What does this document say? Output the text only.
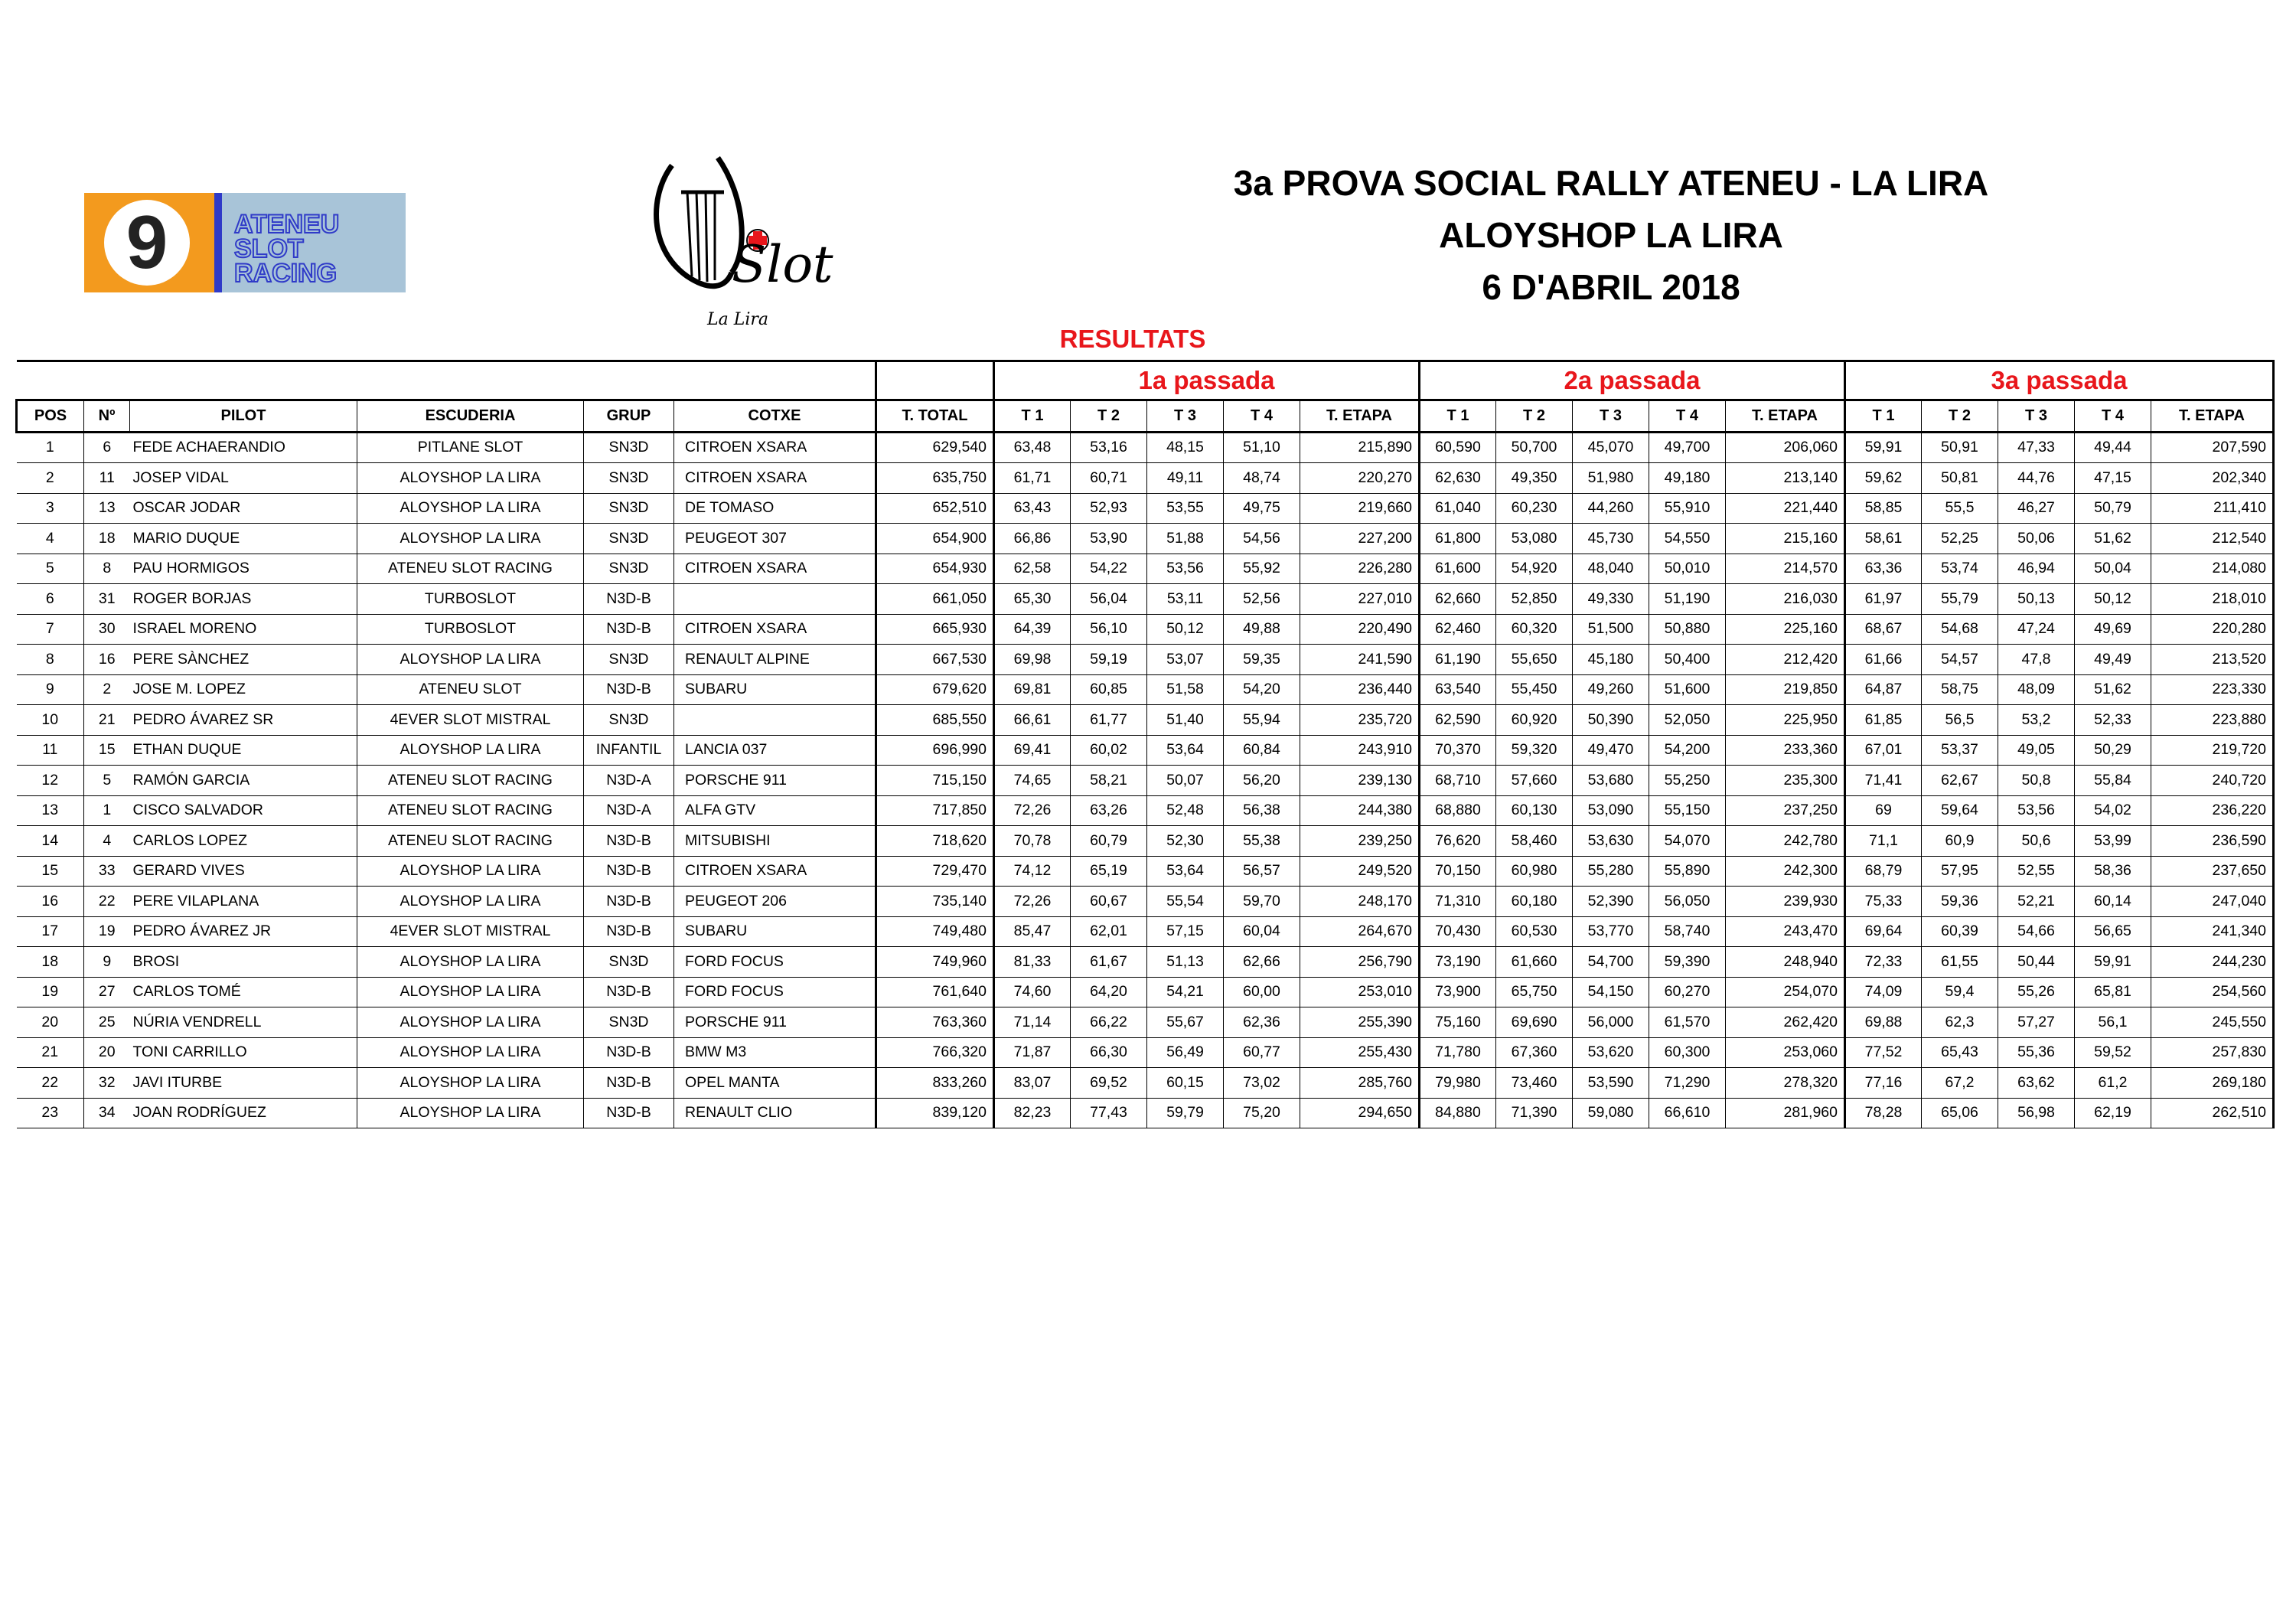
9	ATENEU
SLOT
RACING	Slot
La Lira
3a PROVA SOCIAL RALLY ATENEU - LA LIRA
ALOYSHOP LA LIRA
6 D'ABRIL 2018
RESULTATS
							1a passada					2a passada					3a passada				
POS	Nº	PILOT	ESCUDERIA	GRUP	COTXE	T. TOTAL	T 1	T 2	T 3	T 4	T. ETAPA	T 1	T 2	T 3	T 4	T. ETAPA	T 1	T 2	T 3	T 4	T. ETAPA
1	6	FEDE ACHAERANDIO	PITLANE SLOT	SN3D	CITROEN XSARA	629,540	63,48	53,16	48,15	51,10	215,890	60,590	50,700	45,070	49,700	206,060	59,91	50,91	47,33	49,44	207,590
2	11	JOSEP VIDAL	ALOYSHOP LA LIRA	SN3D	CITROEN XSARA	635,750	61,71	60,71	49,11	48,74	220,270	62,630	49,350	51,980	49,180	213,140	59,62	50,81	44,76	47,15	202,340
3	13	OSCAR JODAR	ALOYSHOP LA LIRA	SN3D	DE TOMASO	652,510	63,43	52,93	53,55	49,75	219,660	61,040	60,230	44,260	55,910	221,440	58,85	55,5	46,27	50,79	211,410
4	18	MARIO DUQUE	ALOYSHOP LA LIRA	SN3D	PEUGEOT 307	654,900	66,86	53,90	51,88	54,56	227,200	61,800	53,080	45,730	54,550	215,160	58,61	52,25	50,06	51,62	212,540
5	8	PAU HORMIGOS	ATENEU SLOT RACING	SN3D	CITROEN XSARA	654,930	62,58	54,22	53,56	55,92	226,280	61,600	54,920	48,040	50,010	214,570	63,36	53,74	46,94	50,04	214,080
6	31	ROGER BORJAS	TURBOSLOT	N3D-B		661,050	65,30	56,04	53,11	52,56	227,010	62,660	52,850	49,330	51,190	216,030	61,97	55,79	50,13	50,12	218,010
7	30	ISRAEL MORENO	TURBOSLOT	N3D-B	CITROEN XSARA	665,930	64,39	56,10	50,12	49,88	220,490	62,460	60,320	51,500	50,880	225,160	68,67	54,68	47,24	49,69	220,280
8	16	PERE SÀNCHEZ	ALOYSHOP LA LIRA	SN3D	RENAULT ALPINE	667,530	69,98	59,19	53,07	59,35	241,590	61,190	55,650	45,180	50,400	212,420	61,66	54,57	47,8	49,49	213,520
9	2	JOSE M. LOPEZ	ATENEU SLOT	N3D-B	SUBARU	679,620	69,81	60,85	51,58	54,20	236,440	63,540	55,450	49,260	51,600	219,850	64,87	58,75	48,09	51,62	223,330
10	21	PEDRO ÁVAREZ SR	4EVER SLOT MISTRAL	SN3D		685,550	66,61	61,77	51,40	55,94	235,720	62,590	60,920	50,390	52,050	225,950	61,85	56,5	53,2	52,33	223,880
11	15	ETHAN DUQUE	ALOYSHOP LA LIRA	INFANTIL	LANCIA 037	696,990	69,41	60,02	53,64	60,84	243,910	70,370	59,320	49,470	54,200	233,360	67,01	53,37	49,05	50,29	219,720
12	5	RAMÓN GARCIA	ATENEU SLOT RACING	N3D-A	PORSCHE 911	715,150	74,65	58,21	50,07	56,20	239,130	68,710	57,660	53,680	55,250	235,300	71,41	62,67	50,8	55,84	240,720
13	1	CISCO SALVADOR	ATENEU SLOT RACING	N3D-A	ALFA GTV	717,850	72,26	63,26	52,48	56,38	244,380	68,880	60,130	53,090	55,150	237,250	69	59,64	53,56	54,02	236,220
14	4	CARLOS LOPEZ	ATENEU SLOT RACING	N3D-B	MITSUBISHI	718,620	70,78	60,79	52,30	55,38	239,250	76,620	58,460	53,630	54,070	242,780	71,1	60,9	50,6	53,99	236,590
15	33	GERARD VIVES	ALOYSHOP LA LIRA	N3D-B	CITROEN XSARA	729,470	74,12	65,19	53,64	56,57	249,520	70,150	60,980	55,280	55,890	242,300	68,79	57,95	52,55	58,36	237,650
16	22	PERE VILAPLANA	ALOYSHOP LA LIRA	N3D-B	PEUGEOT 206	735,140	72,26	60,67	55,54	59,70	248,170	71,310	60,180	52,390	56,050	239,930	75,33	59,36	52,21	60,14	247,040
17	19	PEDRO ÁVAREZ JR	4EVER SLOT MISTRAL	N3D-B	SUBARU	749,480	85,47	62,01	57,15	60,04	264,670	70,430	60,530	53,770	58,740	243,470	69,64	60,39	54,66	56,65	241,340
18	9	BROSI	ALOYSHOP LA LIRA	SN3D	FORD FOCUS	749,960	81,33	61,67	51,13	62,66	256,790	73,190	61,660	54,700	59,390	248,940	72,33	61,55	50,44	59,91	244,230
19	27	CARLOS TOMÉ	ALOYSHOP LA LIRA	N3D-B	FORD FOCUS	761,640	74,60	64,20	54,21	60,00	253,010	73,900	65,750	54,150	60,270	254,070	74,09	59,4	55,26	65,81	254,560
20	25	NÚRIA VENDRELL	ALOYSHOP LA LIRA	SN3D	PORSCHE 911	763,360	71,14	66,22	55,67	62,36	255,390	75,160	69,690	56,000	61,570	262,420	69,88	62,3	57,27	56,1	245,550
21	20	TONI CARRILLO	ALOYSHOP LA LIRA	N3D-B	BMW M3	766,320	71,87	66,30	56,49	60,77	255,430	71,780	67,360	53,620	60,300	253,060	77,52	65,43	55,36	59,52	257,830
22	32	JAVI ITURBE	ALOYSHOP LA LIRA	N3D-B	OPEL MANTA	833,260	83,07	69,52	60,15	73,02	285,760	79,980	73,460	53,590	71,290	278,320	77,16	67,2	63,62	61,2	269,180
23	34	JOAN RODRÍGUEZ	ALOYSHOP LA LIRA	N3D-B	RENAULT CLIO	839,120	82,23	77,43	59,79	75,20	294,650	84,880	71,390	59,080	66,610	281,960	78,28	65,06	56,98	62,19	262,510
